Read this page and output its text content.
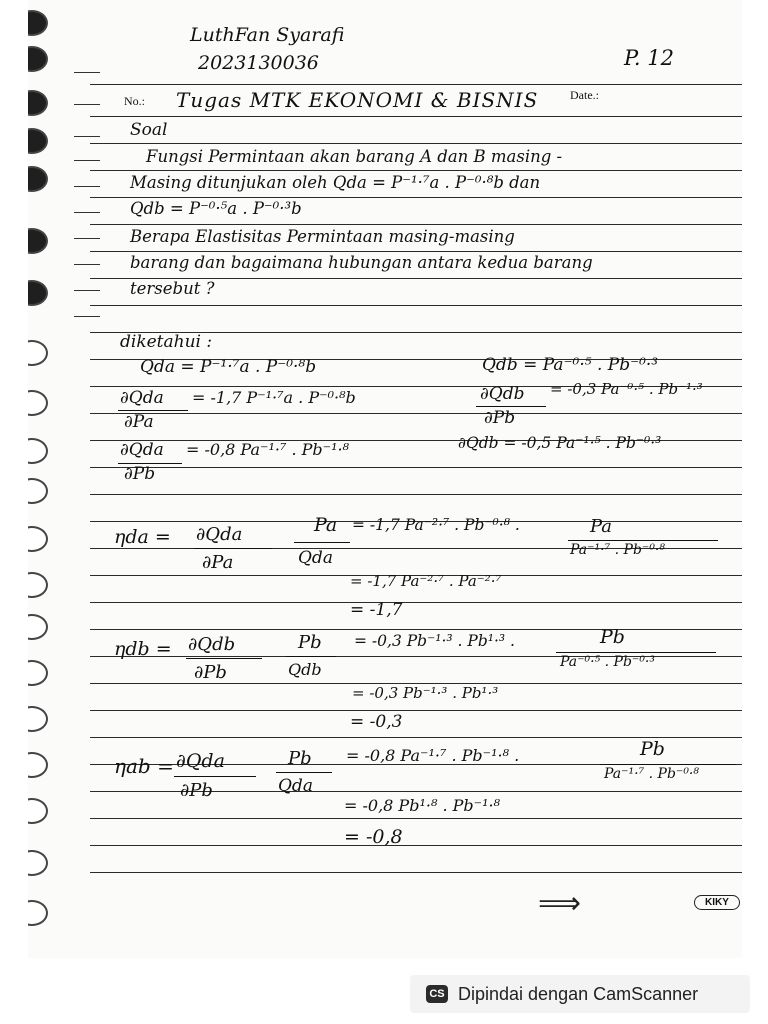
LuthFan Syarafi
2023130036	P. 12
No.:	Date.:
Tugas MTK EKONOMI & BISNIS
Soal
Fungsi Permintaan akan barang A dan B masing -
Masing ditunjukan oleh Qda = P⁻¹·⁷a . P⁻⁰·⁸b dan
Qdb = P⁻⁰·⁵a . P⁻⁰·³b
Berapa Elastisitas Permintaan masing-masing
barang dan bagaimana hubungan antara kedua barang
tersebut ?
diketahui :
Qda = P⁻¹·⁷a . P⁻⁰·⁸b	Qdb = Pa⁻⁰·⁵ . Pb⁻⁰·³
∂Qda
∂Pa
= -1,7 P⁻¹·⁷a . P⁻⁰·⁸b	∂Qdb
∂Pb
= -0,3 Pa⁻⁰·⁵ . Pb⁻¹·³
∂Qda
∂Pb
= -0,8 Pa⁻¹·⁷ . Pb⁻¹·⁸	∂Qdb = -0,5 Pa⁻¹·⁵ . Pb⁻⁰·³
ηda = ∂Qda
∂Pa
Pa
Qda
= -1,7 Pa⁻²·⁷ . Pb⁻⁰·⁸ .	Pa
Pa⁻¹·⁷ . Pb⁻⁰·⁸
= -1,7 Pa⁻²·⁷ . Pa⁻²·⁷
= -1,7
ηdb = ∂Qdb
∂Pb
Pb
Qdb
= -0,3 Pb⁻¹·³ . Pb¹·³ .	Pb
Pa⁻⁰·⁵ . Pb⁻⁰·³
= -0,3 Pb⁻¹·³ . Pb¹·³
= -0,3
ηab = ∂Qda
∂Pb
Pb
Qda
= -0,8 Pa⁻¹·⁷ . Pb⁻¹·⁸ .	Pb
Pa⁻¹·⁷ . Pb⁻⁰·⁸
= -0,8 Pb¹·⁸ . Pb⁻¹·⁸
= -0,8
⟹	KIKY
CS Dipindai dengan CamScanner
